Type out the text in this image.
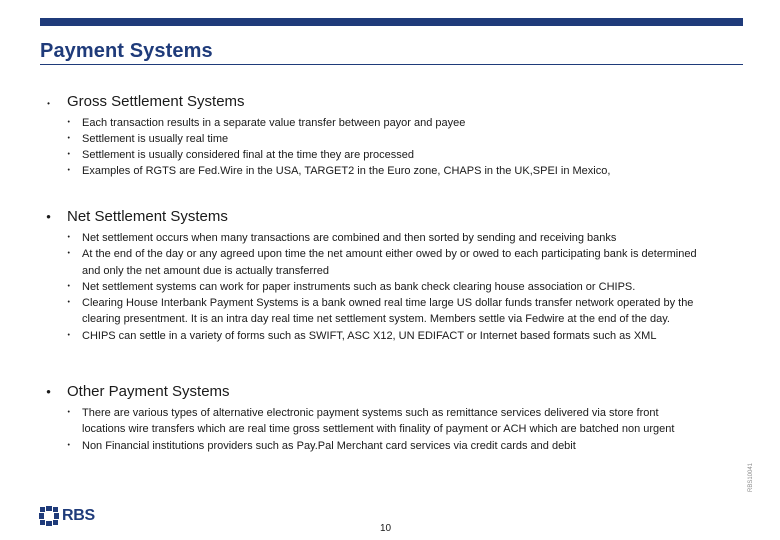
Payment Systems
•	Gross Settlement Systems
•	Each transaction results in a separate value transfer between payor and payee
•	Settlement is usually real time
•	Settlement is usually considered final at the time they are processed
•	Examples of RGTS are Fed.Wire in the USA, TARGET2 in the Euro zone, CHAPS in the UK,SPEI in Mexico,
•	Net Settlement Systems
•	Net settlement occurs when many transactions are combined and then sorted by sending and receiving banks
•	At the end of the day or any agreed upon time the net amount either owed by or owed to each participating bank is determined and only the net amount due is actually transferred
•	Net settlement systems can work for paper instruments such as bank check clearing house association or CHIPS.
•	Clearing House Interbank Payment Systems is a bank owned real time large US dollar funds transfer network operated by the clearing presentment. It is an intra day real time net settlement system. Members settle via Fedwire at the end of the day.
•	CHIPS can settle in a variety of forms such as SWIFT, ASC X12, UN EDIFACT or Internet based formats such as XML
•	Other Payment Systems
•	There are various types of alternative electronic payment systems such as remittance services delivered via store front locations wire transfers which are real time gross settlement with finality of payment or ACH which are batched non urgent
•	Non Financial institutions providers such as Pay.Pal Merchant card services via credit cards and debit
RBS
10
RBS10041
